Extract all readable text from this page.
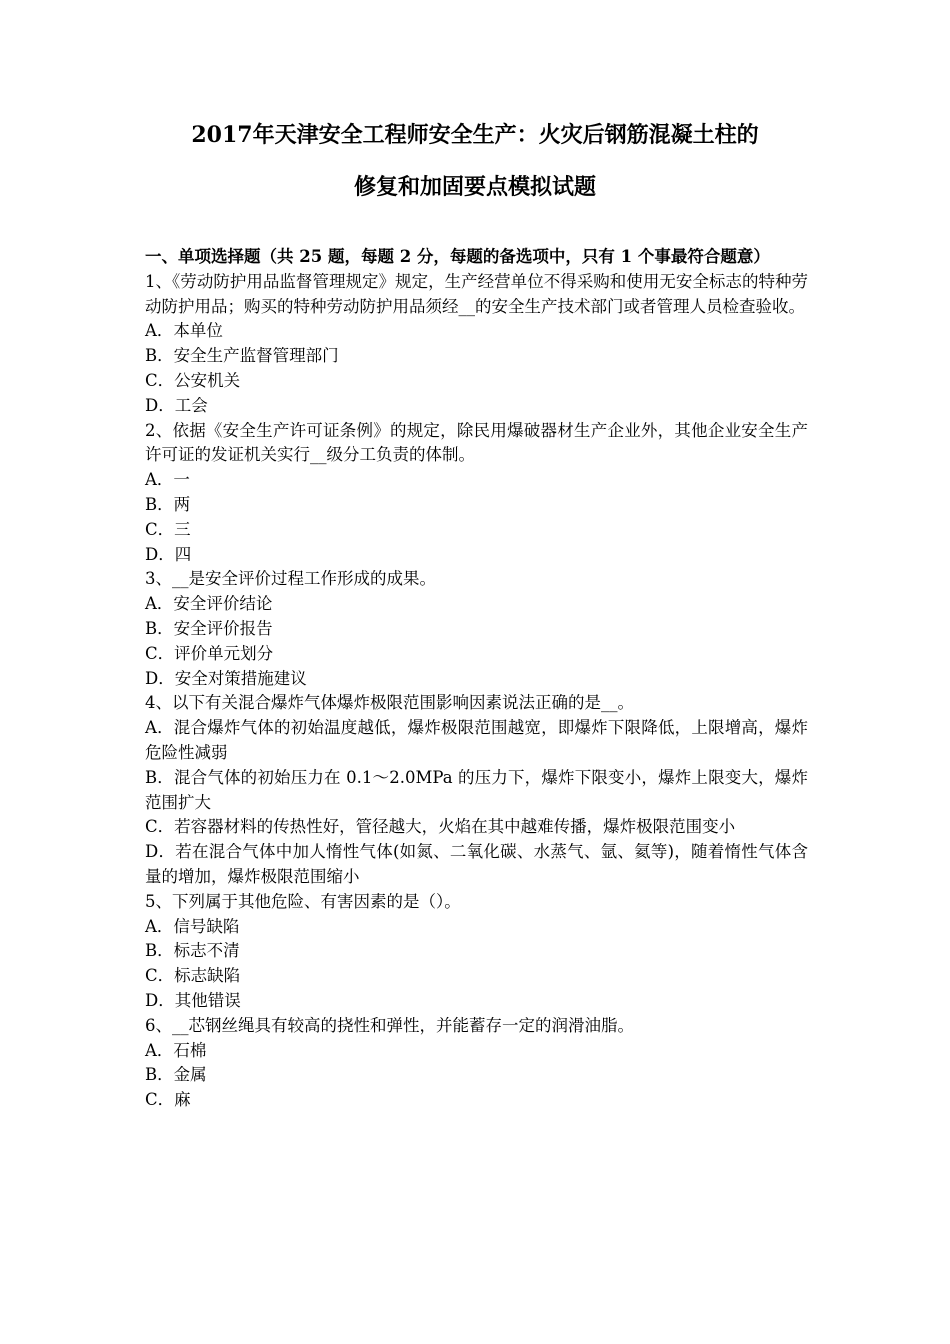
2017年天津安全工程师安全生产：火灾后钢筋混凝土柱的
修复和加固要点模拟试题

一、单项选择题（共 25 题，每题 2 分，每题的备选项中，只有 1 个事最符合题意）

1、《劳动防护用品监督管理规定》规定，生产经营单位不得采购和使用无安全标志的特种劳动防护用品；购买的特种劳动防护用品须经__的安全生产技术部门或者管理人员检查验收。

A．本单位

B．安全生产监督管理部门

C．公安机关

D．工会

2、依据《安全生产许可证条例》的规定，除民用爆破器材生产企业外，其他企业安全生产许可证的发证机关实行__级分工负责的体制。

A．一

B．两

C．三

D．四

3、__是安全评价过程工作形成的成果。

A．安全评价结论

B．安全评价报告

C．评价单元划分

D．安全对策措施建议

4、以下有关混合爆炸气体爆炸极限范围影响因素说法正确的是__。

A．混合爆炸气体的初始温度越低，爆炸极限范围越宽，即爆炸下限降低，上限增高，爆炸危险性减弱

B．混合气体的初始压力在 0.1～2.0MPa 的压力下，爆炸下限变小，爆炸上限变大，爆炸范围扩大

C．若容器材料的传热性好，管径越大，火焰在其中越难传播，爆炸极限范围变小

D．若在混合气体中加人惰性气体(如氮、二氧化碳、水蒸气、氩、氦等)，随着惰性气体含量的增加，爆炸极限范围缩小

5、下列属于其他危险、有害因素的是（）。

A．信号缺陷

B．标志不清

C．标志缺陷

D．其他错误

6、__芯钢丝绳具有较高的挠性和弹性，并能蓄存一定的润滑油脂。

A．石棉

B．金属

C．麻
